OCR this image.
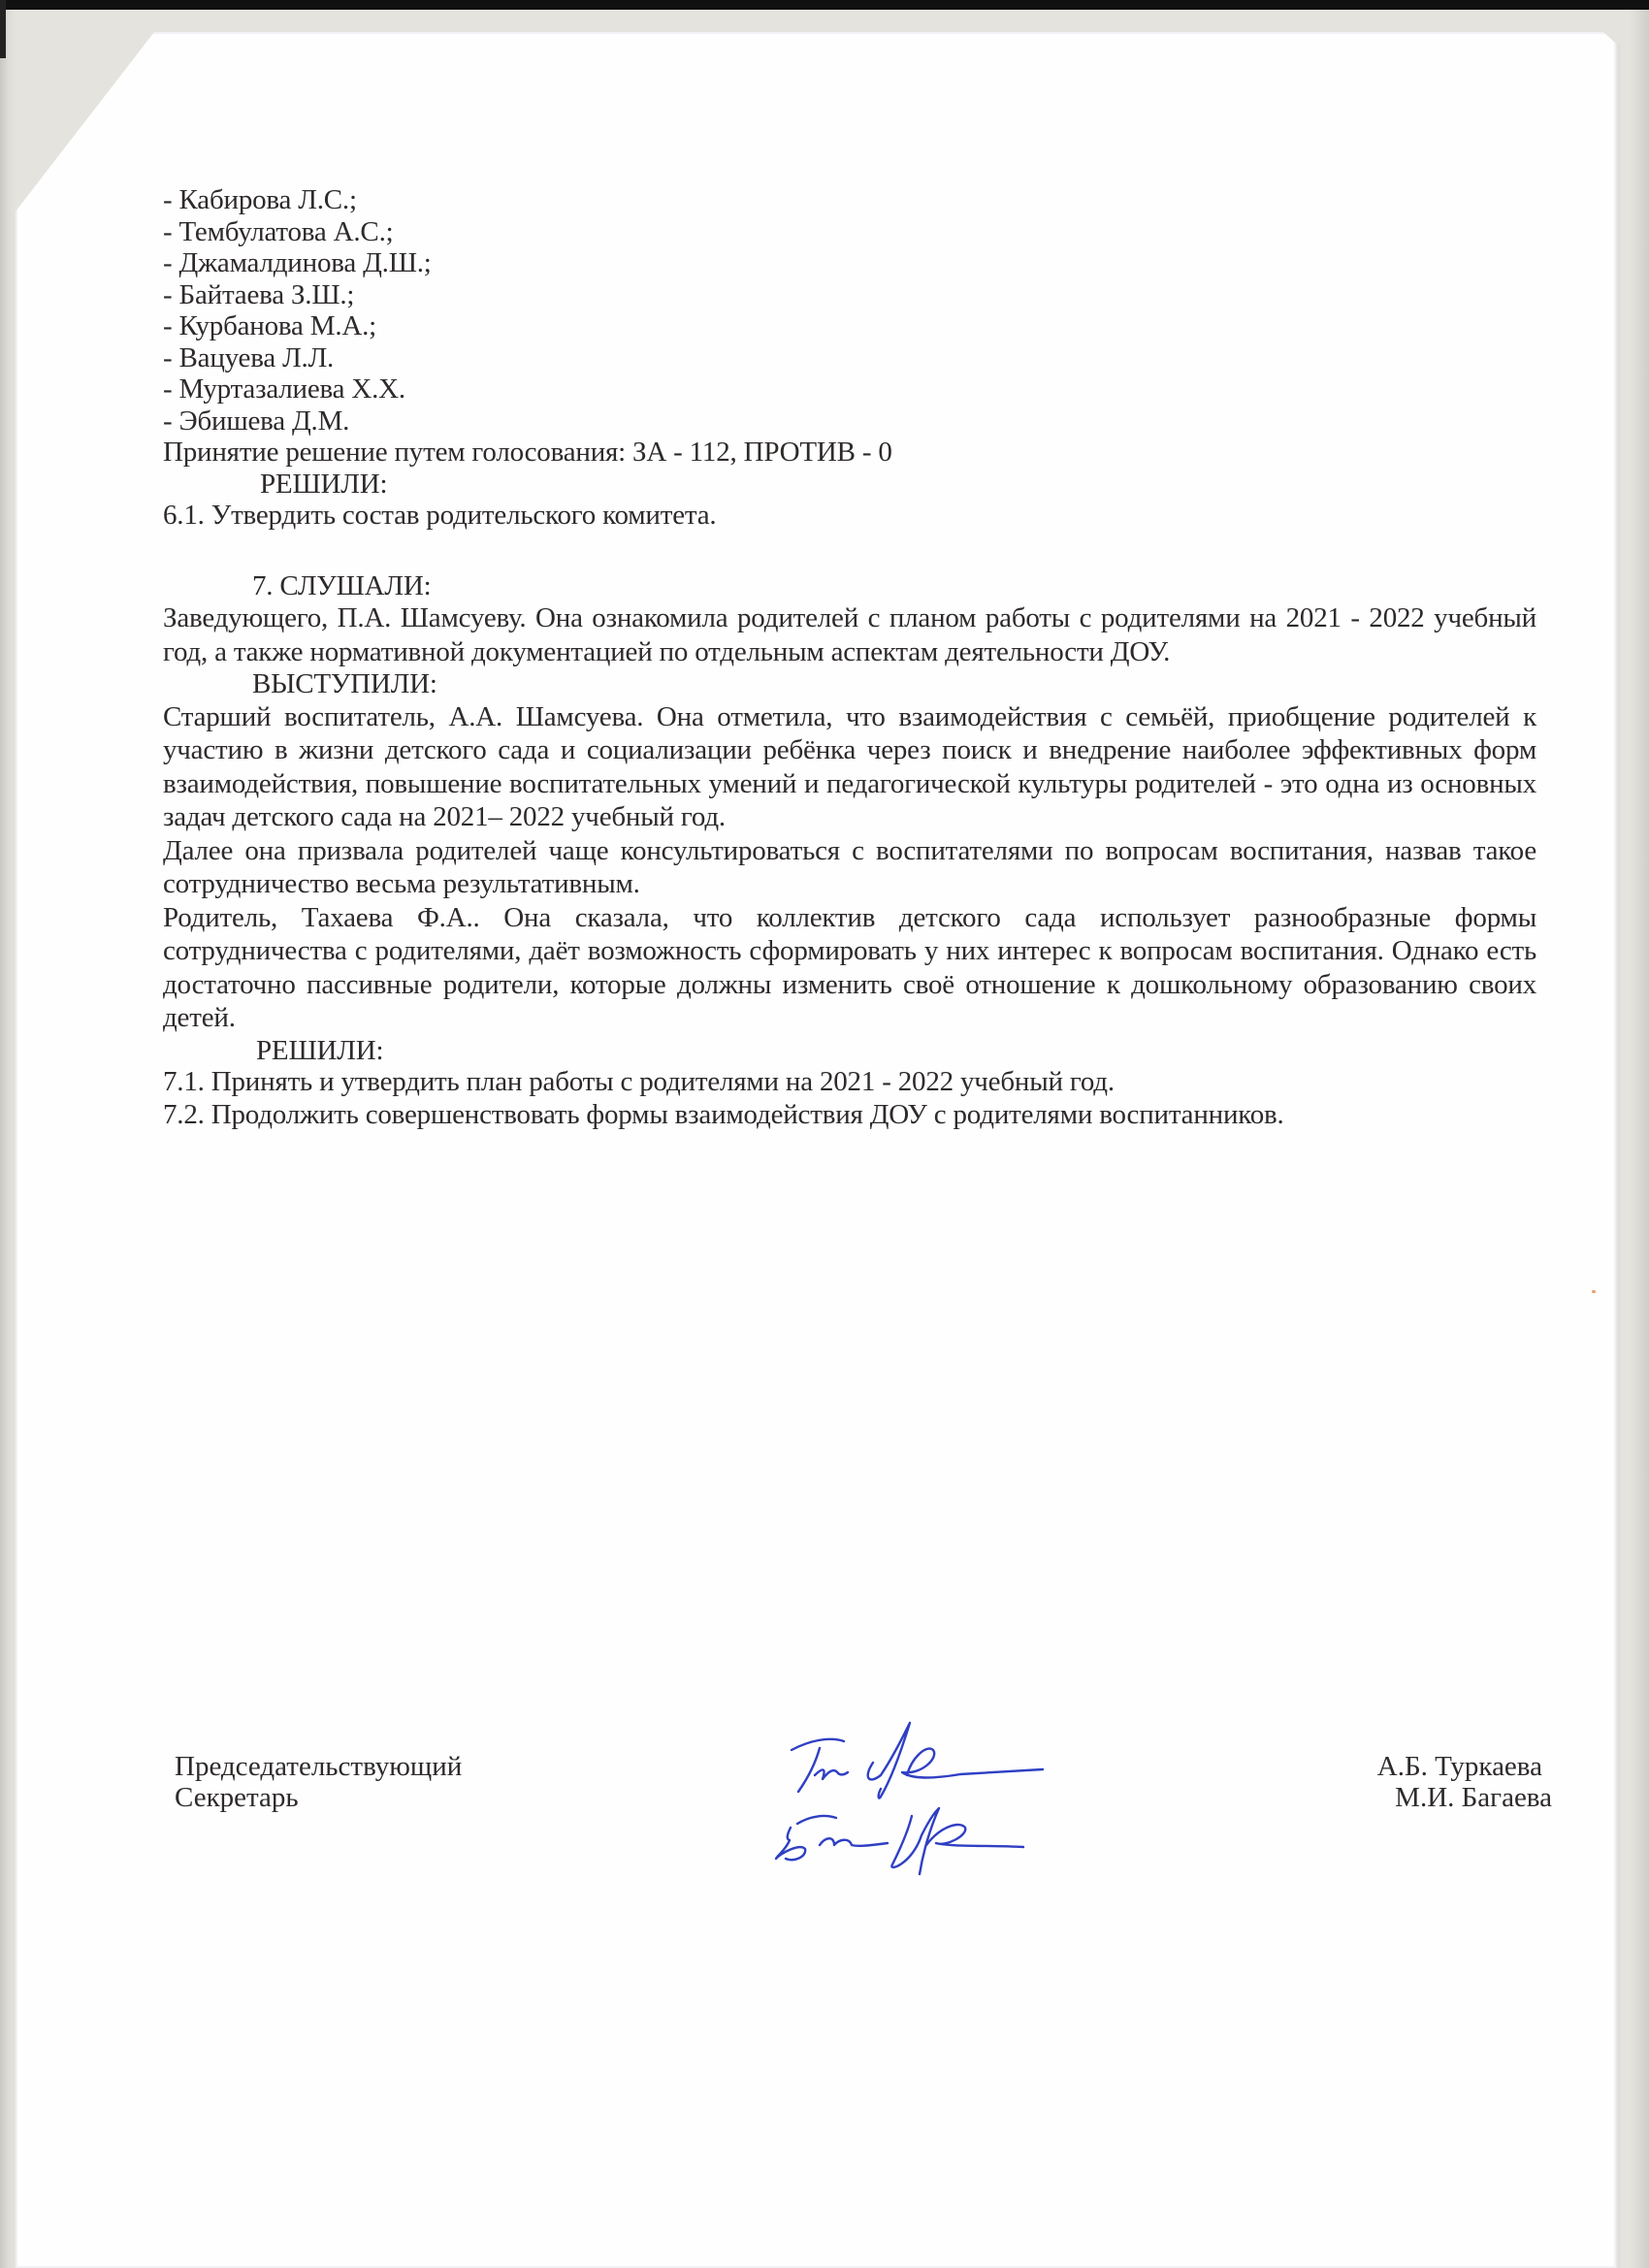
- Кабирова Л.С.;

- Тембулатова А.С.;

- Джамалдинова Д.Ш.;

- Байтаева З.Ш.;

- Курбанова М.А.;

- Вацуева Л.Л.

- Муртазалиева Х.Х.

- Эбишева Д.М.

Принятие решение путем голосования: ЗА - 112, ПРОТИВ - 0

РЕШИЛИ:

6.1. Утвердить состав родительского комитета.

7. СЛУШАЛИ:

Заведующего, П.А. Шамсуеву. Она ознакомила родителей с планом работы с родителями на 2021 - 2022 учебный год, а также нормативной документацией по отдельным аспектам деятельности ДОУ.

ВЫСТУПИЛИ:

Старший воспитатель, А.А. Шамсуева. Она отметила, что взаимодействия с семьёй, приобщение родителей к участию в жизни детского сада и социализации ребёнка через поиск и внедрение наиболее эффективных форм взаимодействия, повышение воспитательных умений и педагогической культуры родителей - это одна из основных задач детского сада на 2021– 2022 учебный год.

Далее она призвала родителей чаще консультироваться с воспитателями по вопросам воспитания, назвав такое сотрудничество весьма результативным.

Родитель, Тахаева Ф.А.. Она сказала, что коллектив детского сада использует разнообразные формы сотрудничества с родителями, даёт возможность сформировать у них интерес к вопросам воспитания. Однако есть достаточно пассивные родители, которые должны изменить своё отношение к дошкольному образованию своих детей.

РЕШИЛИ:

7.1. Принять и утвердить план работы с родителями на 2021 - 2022 учебный год.

7.2. Продолжить совершенствовать формы взаимодействия ДОУ с родителями воспитанников.

Председательствующий
Секретарь
А.Б. Туркаева
М.И. Багаева
